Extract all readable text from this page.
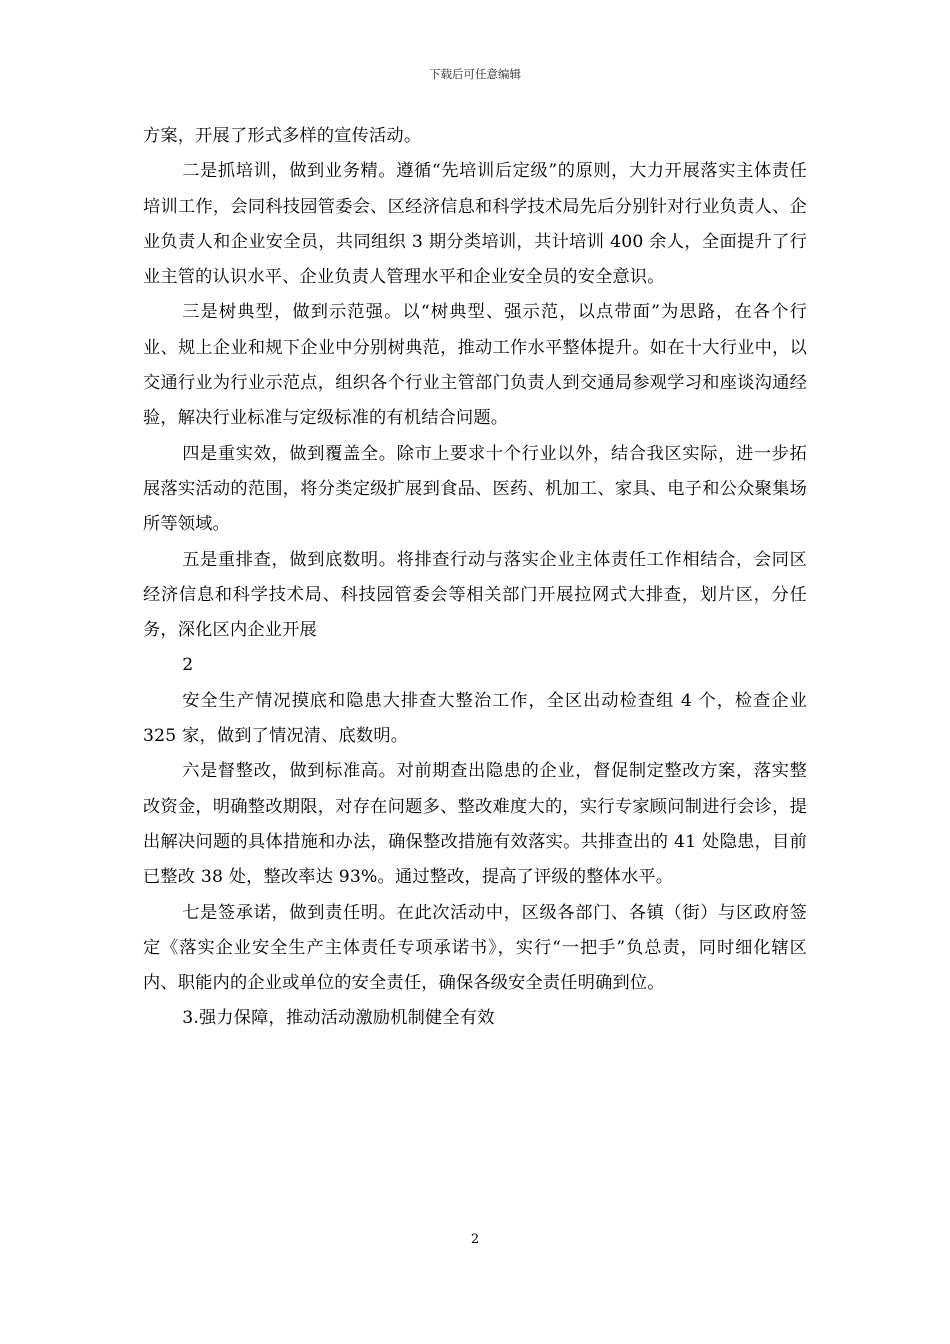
下载后可任意编辑

方案，开展了形式多样的宣传活动。

二是抓培训，做到业务精。遵循“先培训后定级”的原则，大力开展落实主体责任培训工作，会同科技园管委会、区经济信息和科学技术局先后分别针对行业负责人、企业负责人和企业安全员，共同组织 3 期分类培训，共计培训 400 余人，全面提升了行业主管的认识水平、企业负责人管理水平和企业安全员的安全意识。

三是树典型，做到示范强。以“树典型、强示范，以点带面”为思路，在各个行业、规上企业和规下企业中分别树典范，推动工作水平整体提升。如在十大行业中，以交通行业为行业示范点，组织各个行业主管部门负责人到交通局参观学习和座谈沟通经验，解决行业标准与定级标准的有机结合问题。

四是重实效，做到覆盖全。除市上要求十个行业以外，结合我区实际，进一步拓展落实活动的范围，将分类定级扩展到食品、医药、机加工、家具、电子和公众聚集场所等领域。

五是重排查，做到底数明。将排查行动与落实企业主体责任工作相结合，会同区经济信息和科学技术局、科技园管委会等相关部门开展拉网式大排查，划片区，分任务，深化区内企业开展

2

安全生产情况摸底和隐患大排查大整治工作，全区出动检查组 4 个，检查企业 325 家，做到了情况清、底数明。

六是督整改，做到标准高。对前期查出隐患的企业，督促制定整改方案，落实整改资金，明确整改期限，对存在问题多、整改难度大的，实行专家顾问制进行会诊，提出解决问题的具体措施和办法，确保整改措施有效落实。共排查出的 41 处隐患，目前已整改 38 处，整改率达 93%。通过整改，提高了评级的整体水平。

七是签承诺，做到责任明。在此次活动中，区级各部门、各镇（街）与区政府签定《落实企业安全生产主体责任专项承诺书》，实行“一把手”负总责，同时细化辖区内、职能内的企业或单位的安全责任，确保各级安全责任明确到位。

3.强力保障，推动活动激励机制健全有效

2
